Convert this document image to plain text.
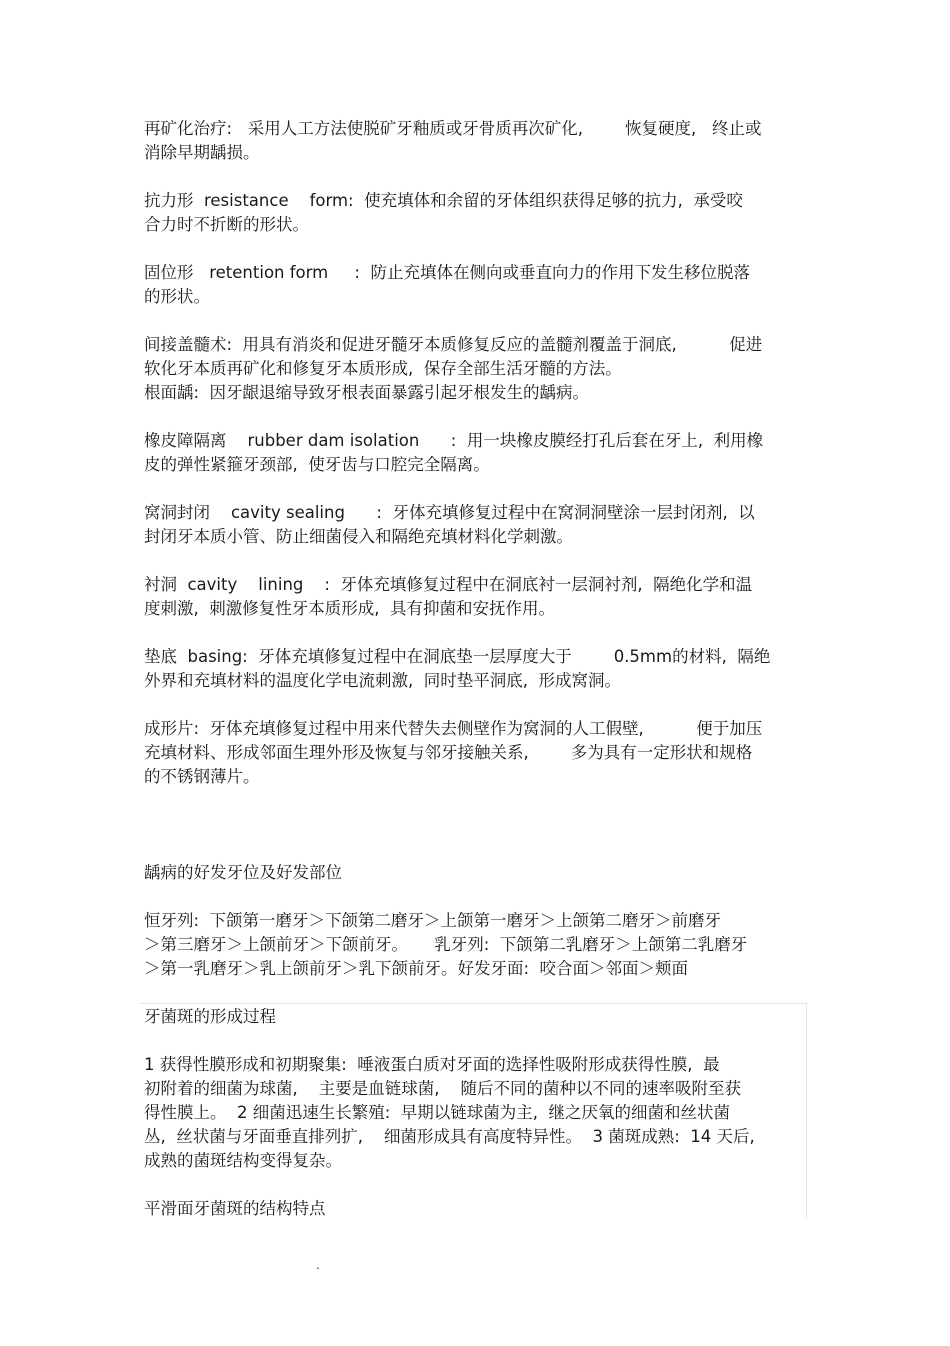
再矿化治疗:   采用人工方法使脱矿牙釉质或牙骨质再次矿化,        恢复硬度,   终止或
消除早期龋损。

抗力形  resistance    form:  使充填体和余留的牙体组织获得足够的抗力,  承受咬
合力时不折断的形状。

固位形   retention form     :  防止充填体在侧向或垂直向力的作用下发生移位脱落
的形状。

间接盖髓术:  用具有消炎和促进牙髓牙本质修复反应的盖髓剂覆盖于洞底,          促进
软化牙本质再矿化和修复牙本质形成,  保存全部生活牙髓的方法。
根面龋:  因牙龈退缩导致牙根表面暴露引起牙根发生的龋病。

橡皮障隔离    rubber dam isolation      :  用一块橡皮膜经打孔后套在牙上,  利用橡
皮的弹性紧箍牙颈部,  使牙齿与口腔完全隔离。

窝洞封闭    cavity sealing      :  牙体充填修复过程中在窝洞洞壁涂一层封闭剂,  以
封闭牙本质小管、防止细菌侵入和隔绝充填材料化学刺激。

衬洞  cavity    lining    :  牙体充填修复过程中在洞底衬一层洞衬剂,  隔绝化学和温
度刺激,  刺激修复性牙本质形成,  具有抑菌和安抚作用。

垫底  basing:  牙体充填修复过程中在洞底垫一层厚度大于        0.5mm的材料,  隔绝
外界和充填材料的温度化学电流刺激,  同时垫平洞底,  形成窝洞。

成形片:  牙体充填修复过程中用来代替失去侧壁作为窝洞的人工假壁,          便于加压
充填材料、形成邻面生理外形及恢复与邻牙接触关系,        多为具有一定形状和规格
的不锈钢薄片。

龋病的好发牙位及好发部位

恒牙列:  下颌第一磨牙＞下颌第二磨牙＞上颌第一磨牙＞上颌第二磨牙＞前磨牙
＞第三磨牙＞上颌前牙＞下颌前牙。     乳牙列:  下颌第二乳磨牙＞上颌第二乳磨牙
＞第一乳磨牙＞乳上颌前牙＞乳下颌前牙。好发牙面:  咬合面＞邻面＞颊面

牙菌斑的形成过程

1 获得性膜形成和初期聚集:  唾液蛋白质对牙面的选择性吸附形成获得性膜,  最
初附着的细菌为球菌,    主要是血链球菌,    随后不同的菌种以不同的速率吸附至获
得性膜上。  2 细菌迅速生长繁殖:  早期以链球菌为主,  继之厌氧的细菌和丝状菌
丛,  丝状菌与牙面垂直排列扩,    细菌形成具有高度特异性。  3 菌斑成熟:  14 天后,
成熟的菌斑结构变得复杂。

平滑面牙菌斑的结构特点

.
